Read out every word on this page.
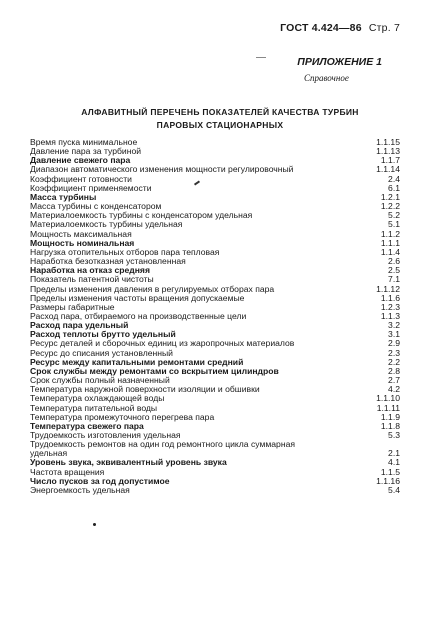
ГОСТ 4.424—86 Стр. 7
ПРИЛОЖЕНИЕ 1
Справочное
АЛФАВИТНЫЙ ПЕРЕЧЕНЬ ПОКАЗАТЕЛЕЙ КАЧЕСТВА ТУРБИН
ПАРОВЫХ СТАЦИОНАРНЫХ
Время пуска минимальное	1.1.15
Давление пара за турбиной	1.1.13
Давление свежего пара	1.1.7
Диапазон автоматического изменения мощности регулировочный	1.1.14
Коэффициент готовности	2.4
Коэффициент применяемости	6.1
Масса турбины	1.2.1
Масса турбины с конденсатором	1.2.2
Материалоемкость турбины с конденсатором удельная	5.2
Материалоемкость турбины удельная	5.1
Мощность максимальная	1.1.2
Мощность номинальная	1.1.1
Нагрузка отопительных отборов пара тепловая	1.1.4
Наработка безотказная установленная	2.6
Наработка на отказ средняя	2.5
Показатель патентной чистоты	7.1
Пределы изменения давления в регулируемых отборах пара	1.1.12
Пределы изменения частоты вращения допускаемые	1.1.6
Размеры габаритные	1.2.3
Расход пара, отбираемого на производственные цели	1.1.3
Расход пара удельный	3.2
Расход теплоты брутто удельный	3.1
Ресурс деталей и сборочных единиц из жаропрочных материалов	2.9
Ресурс до списания установленный	2.3
Ресурс между капитальными ремонтами средний	2.2
Срок службы между ремонтами со вскрытием цилиндров	2.8
Срок службы полный назначенный	2.7
Температура наружной поверхности изоляции и обшивки	4.2
Температура охлаждающей воды	1.1.10
Температура питательной воды	1.1.11
Температура промежуточного перегрева пара	1.1.9
Температура свежего пара	1.1.8
Трудоемкость изготовления удельная	5.3
Трудоемкость ремонтов на один год ремонтного цикла суммарная
удельная	2.1
Уровень звука, эквивалентный уровень звука	4.1
Частота вращения	1.1.5
Число пусков за год допустимое	1.1.16
Энергоемкость удельная	5.4
